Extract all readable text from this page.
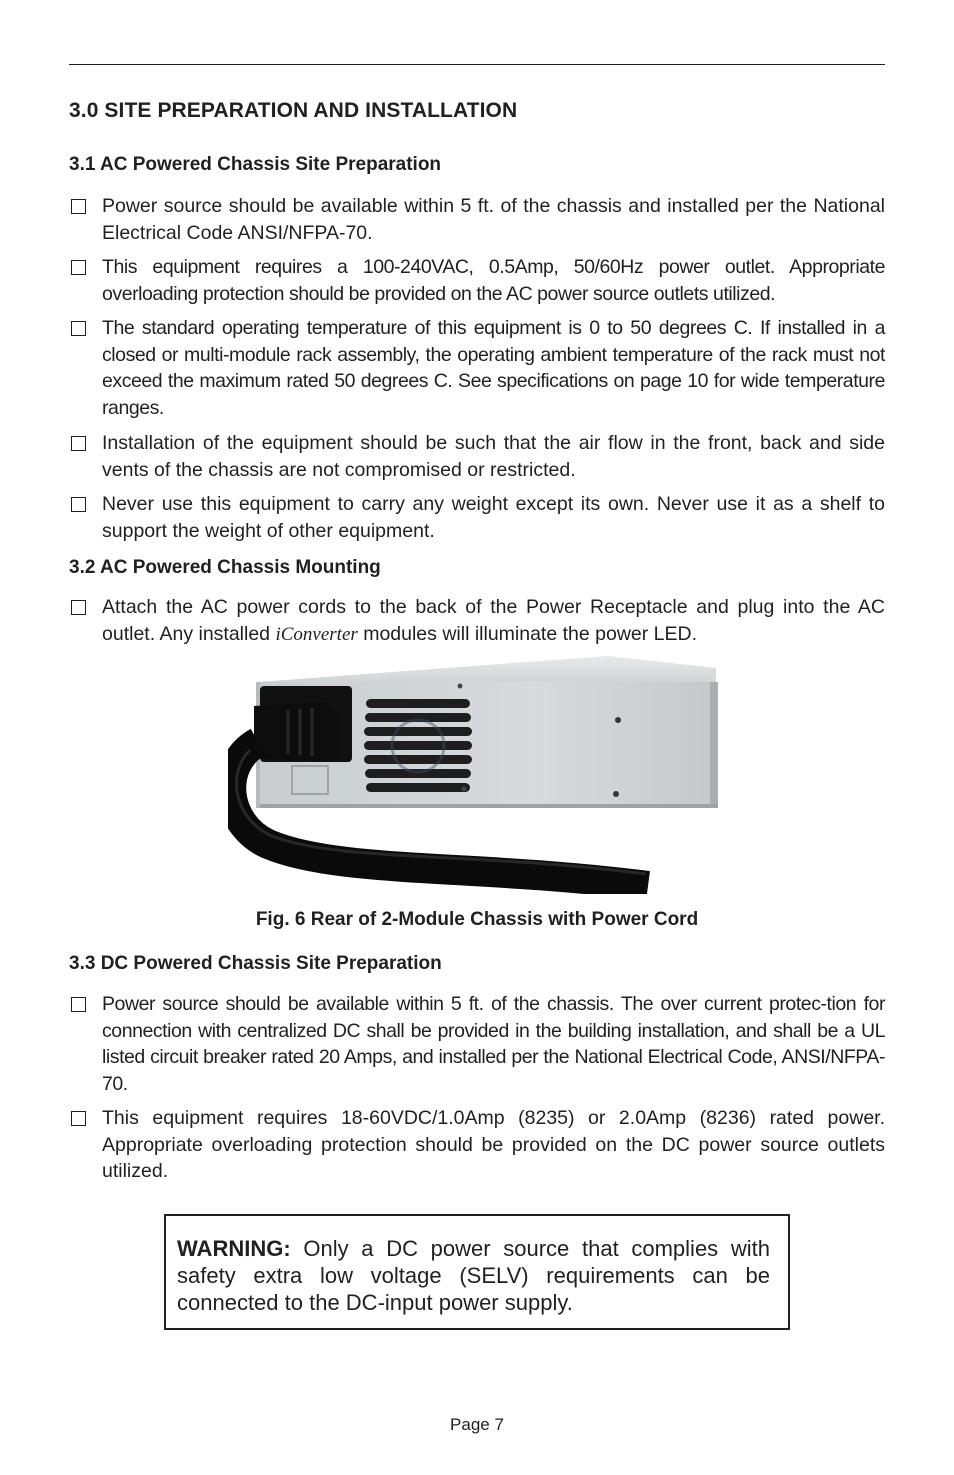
3.0 SITE PREPARATION AND INSTALLATION
3.1 AC Powered Chassis Site Preparation
Power source should be available within 5 ft. of the chassis and installed per the National Electrical Code ANSI/NFPA-70.
This equipment requires a 100-240VAC, 0.5Amp, 50/60Hz power outlet. Appropriate overloading protection should be provided on the AC power source outlets utilized.
The standard operating temperature of this equipment is 0 to 50 degrees C. If installed in a closed or multi-module rack assembly, the operating ambient temperature of the rack must not exceed the maximum rated 50 degrees C. See specifications on page 10 for wide temperature ranges.
Installation of the equipment should be such that the air flow in the front, back and side vents of the chassis are not compromised or restricted.
Never use this equipment to carry any weight except its own. Never use it as a shelf to support the weight of other equipment.
3.2 AC Powered Chassis Mounting
Attach the AC power cords to the back of the Power Receptacle and plug into the AC outlet. Any installed iConverter modules will illuminate the power LED.
Fig. 6 Rear of 2-Module Chassis with Power Cord
3.3 DC Powered Chassis Site Preparation
Power source should be available within 5 ft. of the chassis. The over current protec-tion for connection with centralized DC shall be provided in the building installation, and shall be a UL listed circuit breaker rated 20 Amps, and installed per the National Electrical Code, ANSI/NFPA-70.
This equipment requires 18-60VDC/1.0Amp (8235) or 2.0Amp (8236) rated power. Appropriate overloading protection should be provided on the DC power source outlets utilized.
WARNING: Only a DC power source that complies with safety extra low voltage (SELV) requirements can be connected to the DC-input power supply.
Page 7
